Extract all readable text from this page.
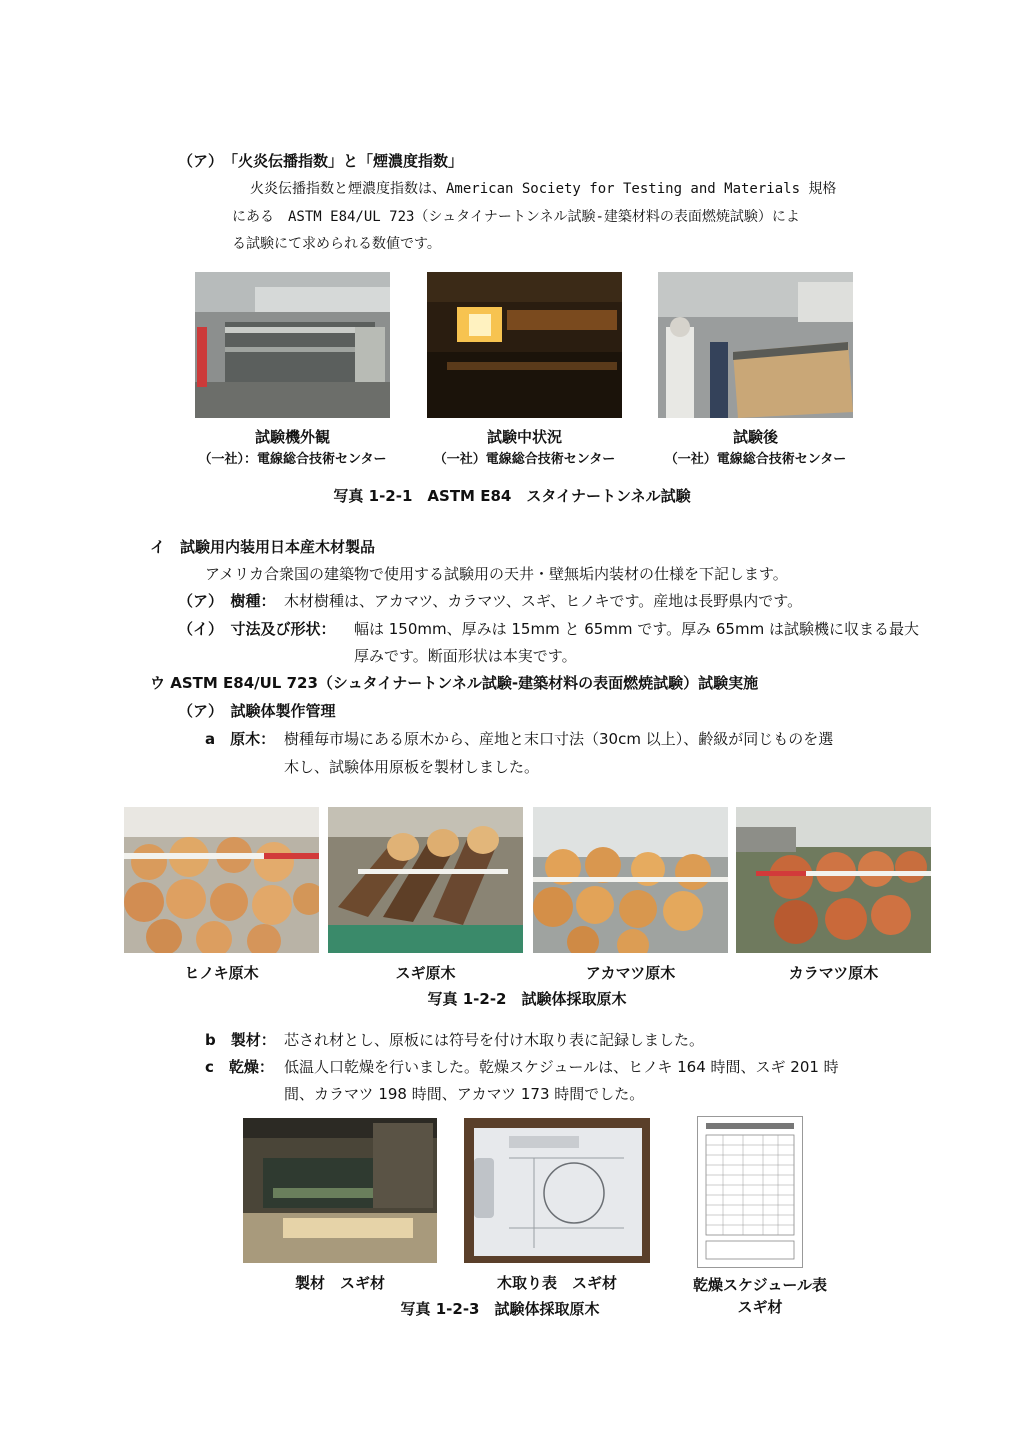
（ア）　「火炎伝播指数」と「煙濃度指数」
火炎伝播指数と煙濃度指数は、American Society for Testing and Materials 規格
にある　ASTM E84/UL 723（シュタイナートンネル試験-建築材料の表面燃焼試験）によ
る試験にて求められる数値です。
試験機外観
（一社）：電線総合技術センター
試験中状況
（一社）電線総合技術センター
試験後
（一社）電線総合技術センター
写真 1-2-1　ASTM E84　スタイナートンネル試験
イ　試験用内装用日本産木材製品
アメリカ合衆国の建築物で使用する試験用の天井・壁無垢内装材の仕様を下記します。
（ア）　樹種： 木材樹種は、アカマツ、カラマツ、スギ、ヒノキです。産地は長野県内です。
（イ）　寸法及び形状： 幅は 150mm、厚みは 15mm と 65mm です。厚み 65mm は試験機に収まる最大
厚みです。断面形状は本実です。
ウ ASTM E84/UL 723（シュタイナートンネル試験-建築材料の表面燃焼試験）試験実施
（ア）　試験体製作管理
a　原木： 樹種毎市場にある原木から、産地と末口寸法（30cm 以上）、齢級が同じものを選
木し、試験体用原板を製材しました。
ヒノキ原木	スギ原木	アカマツ原木	カラマツ原木
写真 1-2-2　試験体採取原木
b　製材： 芯され材とし、原板には符号を付け木取り表に記録しました。
c　乾燥： 低温人口乾燥を行いました。乾燥スケジュールは、ヒノキ 164 時間、スギ 201 時
間、カラマツ 198 時間、アカマツ 173 時間でした。
製材　スギ材	木取り表　スギ材	乾燥スケジュール表
スギ材
写真 1-2-3　試験体採取原木
